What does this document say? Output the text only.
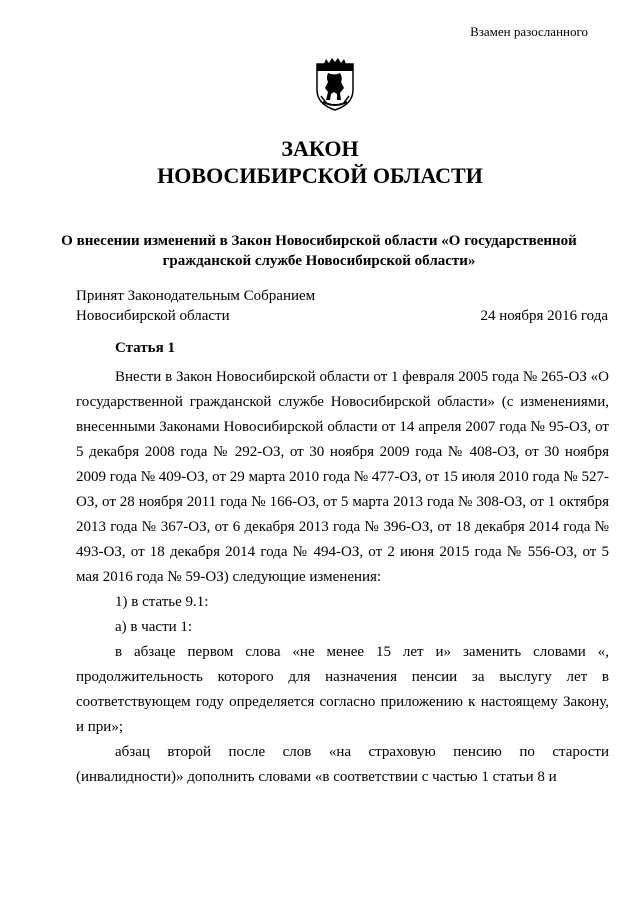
Взамен разосланного
ЗАКОН
НОВОСИБИРСКОЙ ОБЛАСТИ
О внесении изменений в Закон Новосибирской области «О государственной гражданской службе Новосибирской области»
Принят Законодательным Собранием
Новосибирской области	24 ноября 2016 года
Статья 1

Внести в Закон Новосибирской области от 1 февраля 2005 года № 265-ОЗ «О государственной гражданской службе Новосибирской области» (с изменениями, внесенными Законами Новосибирской области от 14 апреля 2007 года № 95-ОЗ, от 5 декабря 2008 года № 292-ОЗ, от 30 ноября 2009 года № 408-ОЗ, от 30 ноября 2009 года № 409-ОЗ, от 29 марта 2010 года № 477-ОЗ, от 15 июля 2010 года № 527-ОЗ, от 28 ноября 2011 года № 166-ОЗ, от 5 марта 2013 года № 308-ОЗ, от 1 октября 2013 года № 367-ОЗ, от 6 декабря 2013 года № 396-ОЗ, от 18 декабря 2014 года № 493-ОЗ, от 18 декабря 2014 года № 494-ОЗ, от 2 июня 2015 года № 556-ОЗ, от 5 мая 2016 года № 59-ОЗ) следующие изменения:

1) в статье 9.1:

а) в части 1:

в абзаце первом слова «не менее 15 лет и» заменить словами «, продолжительность которого для назначения пенсии за выслугу лет в соответствующем году определяется согласно приложению к настоящему Закону, и при»;

абзац второй после слов «на страховую пенсию по старости (инвалидности)» дополнить словами «в соответствии с частью 1 статьи 8 и
